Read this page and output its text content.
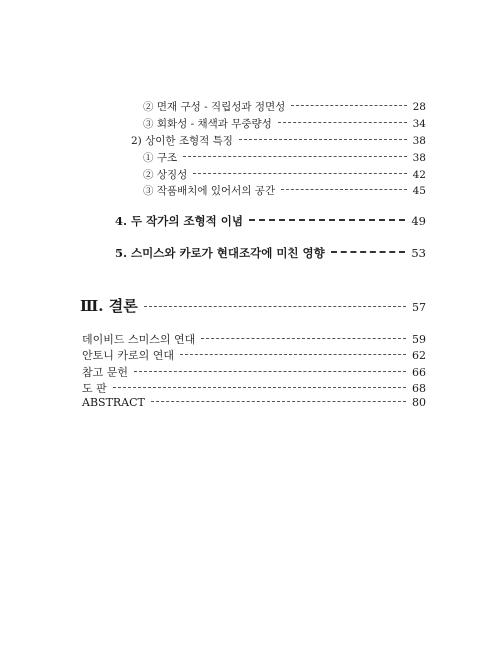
② 면재 구성 - 직립성과 정면성	28
③ 회화성 - 채색과 무중량성	34
2) 상이한 조형적 특징	38
① 구조	38
② 상징성	42
③ 작품배치에 있어서의 공간	45
4. 두 작가의 조형적 이념	49
5. 스미스와 카로가 현대조각에 미친 영향	53
Ⅲ. 결론	57
데이비드 스미스의 연대	59
안토니 카로의 연대	62
참고 문헌	66
도 판	68
ABSTRACT	80
